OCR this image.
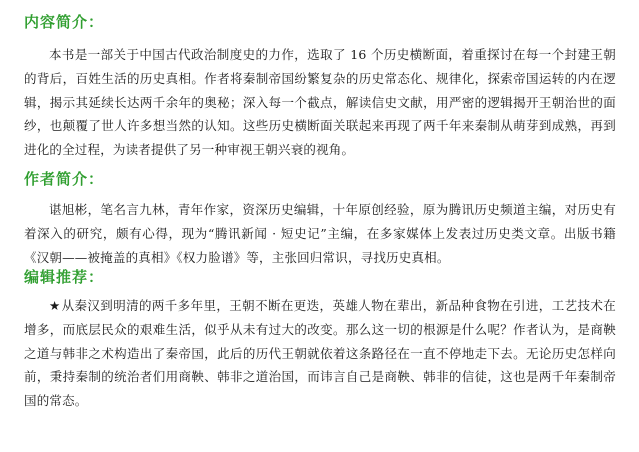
内容简介：
本书是一部关于中国古代政治制度史的力作，选取了 16 个历史横断面，着重探讨在每一个封建王朝的背后，百姓生活的历史真相。作者将秦制帝国纷繁复杂的历史常态化、规律化，探索帝国运转的内在逻辑，揭示其延续长达两千余年的奥秘；深入每一个截点，解读信史文献，用严密的逻辑揭开王朝治世的面纱，也颠覆了世人许多想当然的认知。这些历史横断面关联起来再现了两千年来秦制从萌芽到成熟，再到进化的全过程，为读者提供了另一种审视王朝兴衰的视角。
作者简介：
谌旭彬，笔名言九林，青年作家，资深历史编辑，十年原创经验，原为腾讯历史频道主编，对历史有着深入的研究，颇有心得，现为“腾讯新闻 · 短史记”主编，在多家媒体上发表过历史类文章。出版书籍《汉朝——被掩盖的真相》《权力脸谱》等，主张回归常识，寻找历史真相。
编辑推荐：
★从秦汉到明清的两千多年里，王朝不断在更迭，英雄人物在辈出，新品种食物在引进，工艺技术在增多，而底层民众的艰难生活，似乎从未有过大的改变。那么这一切的根源是什么呢？作者认为，是商鞅之道与韩非之术构造出了秦帝国，此后的历代王朝就依着这条路径在一直不停地走下去。无论历史怎样向前，秉持秦制的统治者们用商鞅、韩非之道治国，而讳言自己是商鞅、韩非的信徒，这也是两千年秦制帝国的常态。
